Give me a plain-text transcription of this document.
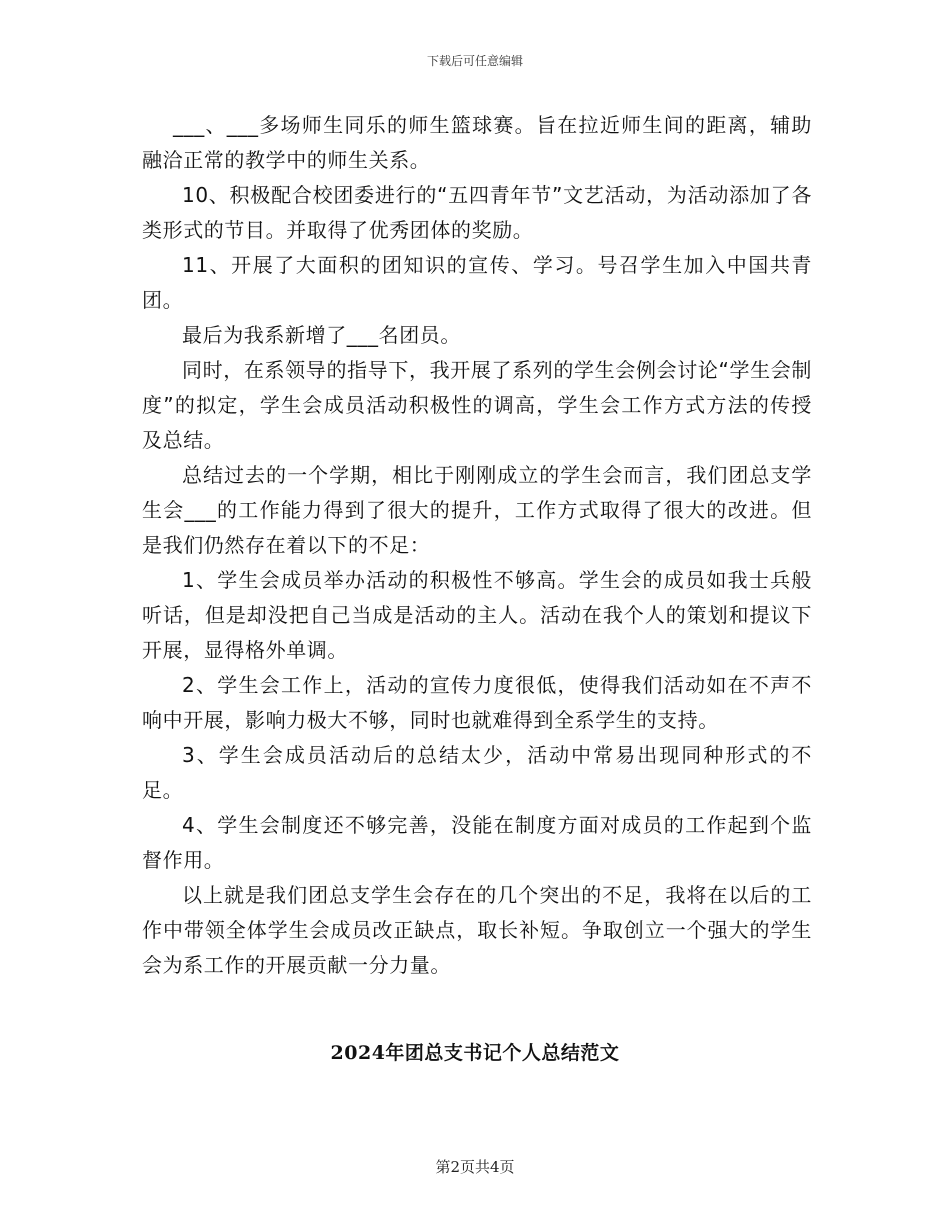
下载后可任意编辑

___、___多场师生同乐的师生篮球赛。旨在拉近师生间的距离，辅助融洽正常的教学中的师生关系。

10、积极配合校团委进行的“五四青年节”文艺活动，为活动添加了各类形式的节目。并取得了优秀团体的奖励。

11、开展了大面积的团知识的宣传、学习。号召学生加入中国共青团。

最后为我系新增了___名团员。

同时，在系领导的指导下，我开展了系列的学生会例会讨论“学生会制度”的拟定，学生会成员活动积极性的调高，学生会工作方式方法的传授及总结。

总结过去的一个学期，相比于刚刚成立的学生会而言，我们团总支学生会___的工作能力得到了很大的提升，工作方式取得了很大的改进。但是我们仍然存在着以下的不足：

1、学生会成员举办活动的积极性不够高。学生会的成员如我士兵般听话，但是却没把自己当成是活动的主人。活动在我个人的策划和提议下开展，显得格外单调。

2、学生会工作上，活动的宣传力度很低，使得我们活动如在不声不响中开展，影响力极大不够，同时也就难得到全系学生的支持。

3、学生会成员活动后的总结太少，活动中常易出现同种形式的不足。

4、学生会制度还不够完善，没能在制度方面对成员的工作起到个监督作用。

以上就是我们团总支学生会存在的几个突出的不足，我将在以后的工作中带领全体学生会成员改正缺点，取长补短。争取创立一个强大的学生会为系工作的开展贡献一分力量。

2024年团总支书记个人总结范文
第2页共4页
